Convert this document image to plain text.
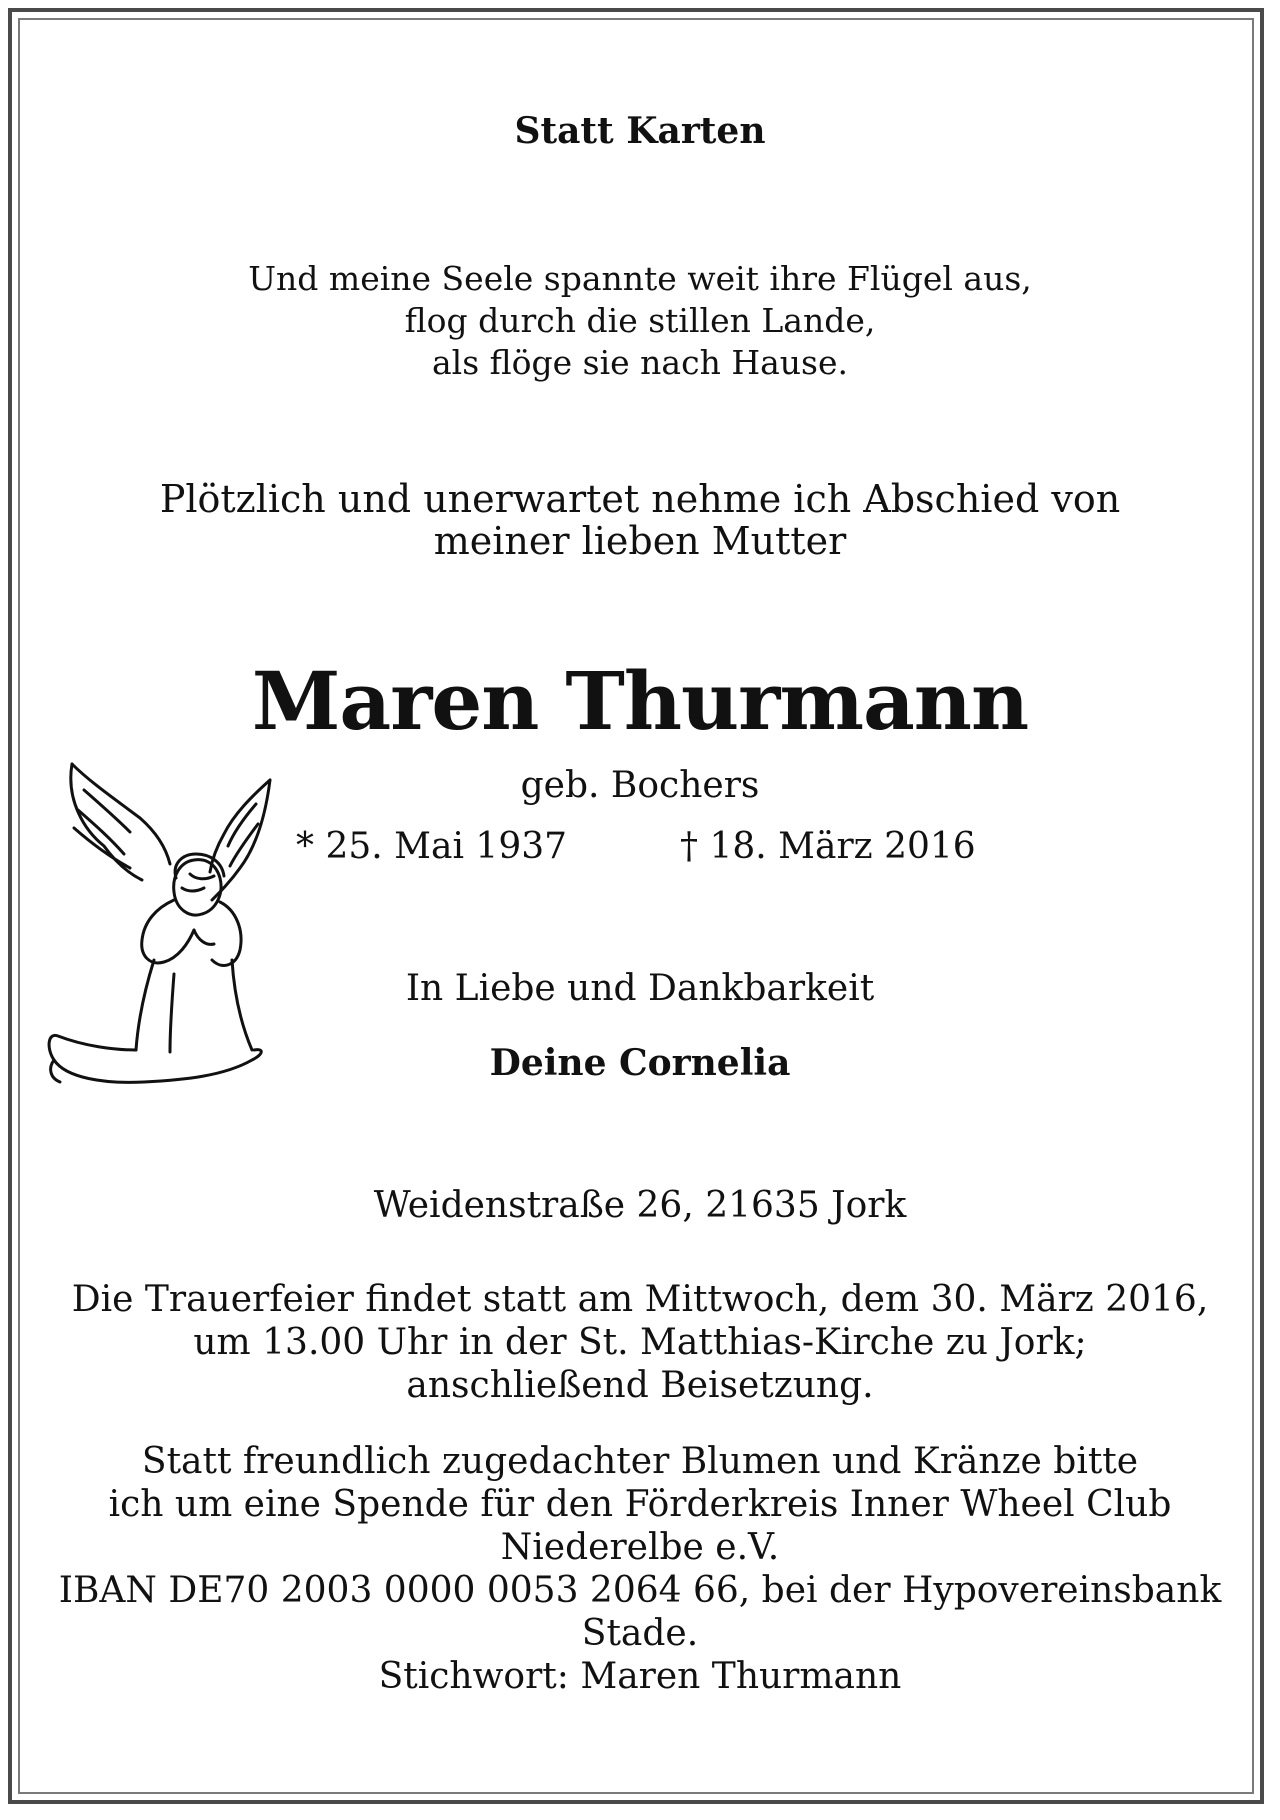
Statt Karten

Und meine Seele spannte weit ihre Flügel aus,

flog durch die stillen Lande,

als flöge sie nach Hause.

Plötzlich und unerwartet nehme ich Abschied von

meiner lieben Mutter

Maren Thurmann

geb. Bochers

* 25. Mai 1937	† 18. März 2016

In Liebe und Dankbarkeit

Deine Cornelia

Weidenstraße 26, 21635 Jork

Die Trauerfeier findet statt am Mittwoch, dem 30. März 2016,

um 13.00 Uhr in der St. Matthias-Kirche zu Jork;

anschließend Beisetzung.

Statt freundlich zugedachter Blumen und Kränze bitte

ich um eine Spende für den Förderkreis Inner Wheel Club

Niederelbe e.V.

IBAN DE70 2003 0000 0053 2064 66, bei der Hypovereinsbank

Stade.

Stichwort: Maren Thurmann
